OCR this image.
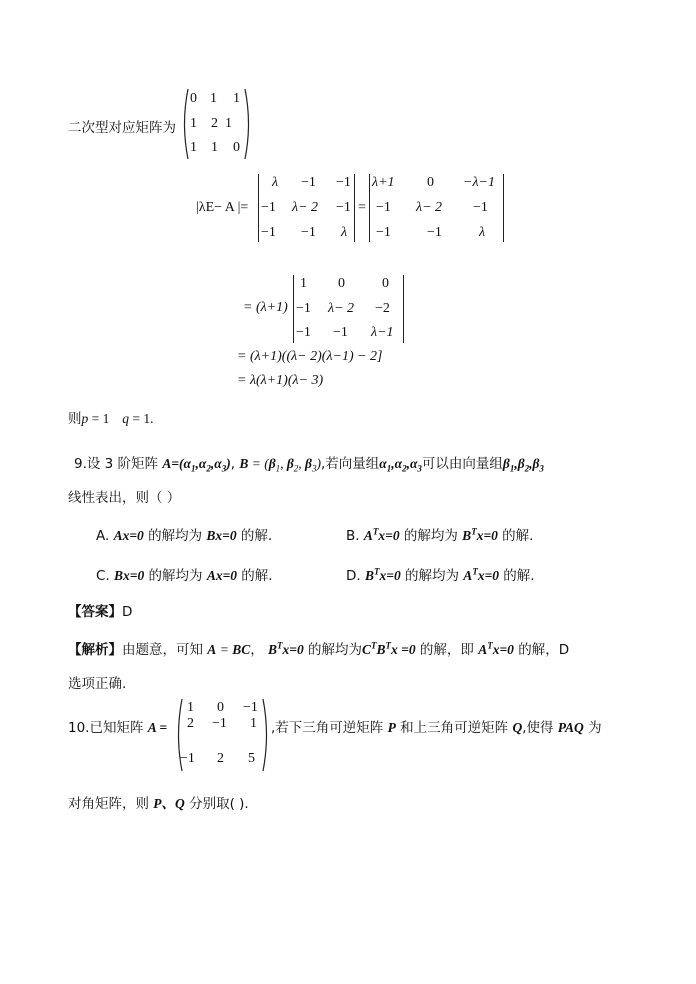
二次型对应矩阵为
0 1 1
1 2 1
1 1 0
|λE− A |=
λ −1 −1
−1 λ− 2 −1
−1 −1 λ
=
λ+1 0 −λ−1
−1 λ− 2 −1
−1	−1	λ
= (λ+1)
1 0	0
−1 λ− 2 −2
−1 −1 λ−1
= (λ+1)((λ− 2)(λ−1) − 2]
= λ(λ+1)(λ− 3)
则p = 1 q = 1.
9.设 3 阶矩阵 $A=(\alpha_1,\alpha_2,\alpha_3)$, $B = (\beta_1$, $\beta_2$, $\beta_3$),若向量组$\alpha_1,\alpha_2,\alpha_3$可以由向量组$\beta_1,\beta_2,\beta_3$
线性表出，则（ ）
A. Ax=0 的解均为 Bx=0 的解.	B. $A^Tx=0$ 的解均为 $B^Tx=0$ 的解.
C. Bx=0 的解均为 Ax=0 的解.	D. $B^Tx=0$ 的解均为 $A^Tx=0$ 的解.
【答案】D
【解析】由题意，可知 A = BC， $B^Tx=0$ 的解均为$C^TB^Tx =0$ 的解，即 $A^Tx=0$ 的解，D
选项正确.
10.已知矩阵 A =
1 0 −1
2 −1 1
−1 2 5
,若下三角可逆矩阵 P 和上三角可逆矩阵 Q,使得 PAQ 为
对角矩阵，则 P、Q 分别取( ).
